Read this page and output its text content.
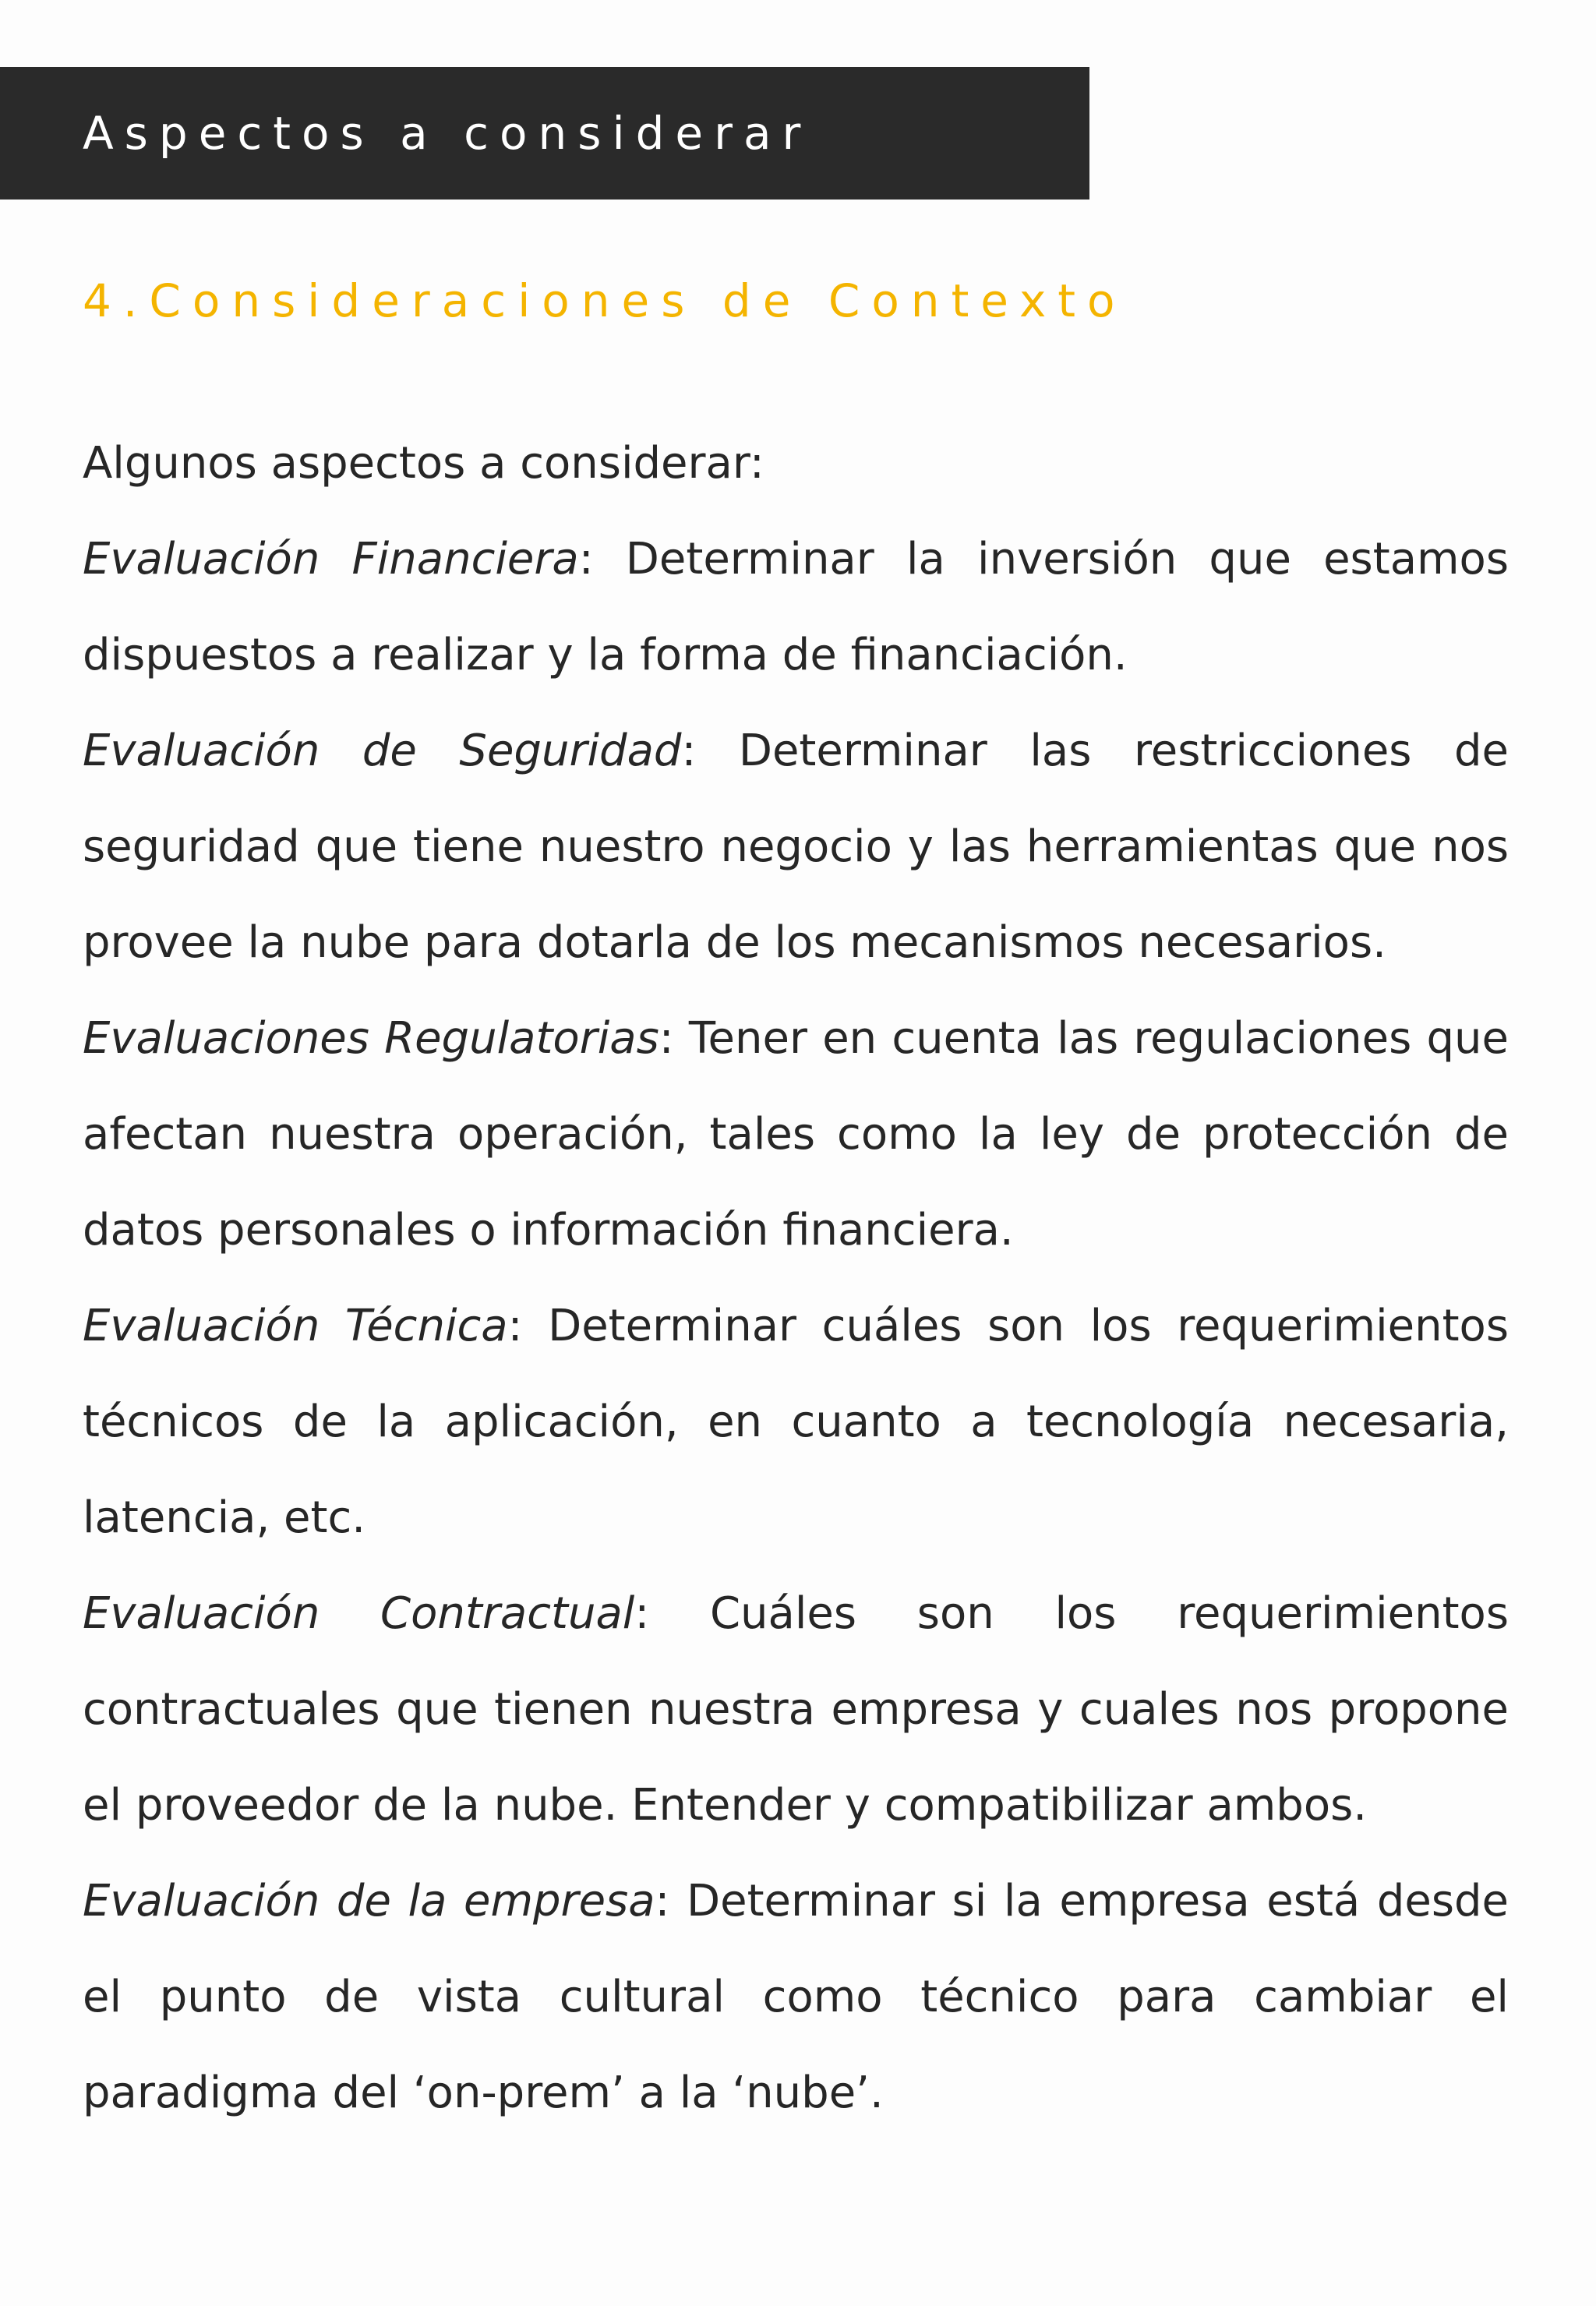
Aspectos a considerar
4.Consideraciones de Contexto

Algunos aspectos a considerar:

Evaluación Financiera: Determinar la inversión que estamos dispuestos a realizar y la forma de financiación.

Evaluación de Seguridad: Determinar las restricciones de seguridad que tiene nuestro negocio y las herramientas que nos provee la nube para dotarla de los mecanismos necesarios.

Evaluaciones Regulatorias: Tener en cuenta las regulaciones que afectan nuestra operación, tales como la ley de protección de datos personales o información financiera.

Evaluación Técnica: Determinar cuáles son los requerimientos técnicos de la aplicación, en cuanto a tecnología necesaria, latencia, etc.

Evaluación Contractual: Cuáles son los requerimientos contractuales que tienen nuestra empresa y cuales nos propone el proveedor de la nube. Entender y compatibilizar ambos.

Evaluación de la empresa: Determinar si la empresa está desde el punto de vista cultural como técnico para cambiar el paradigma del ‘on-prem’ a la ‘nube’.
